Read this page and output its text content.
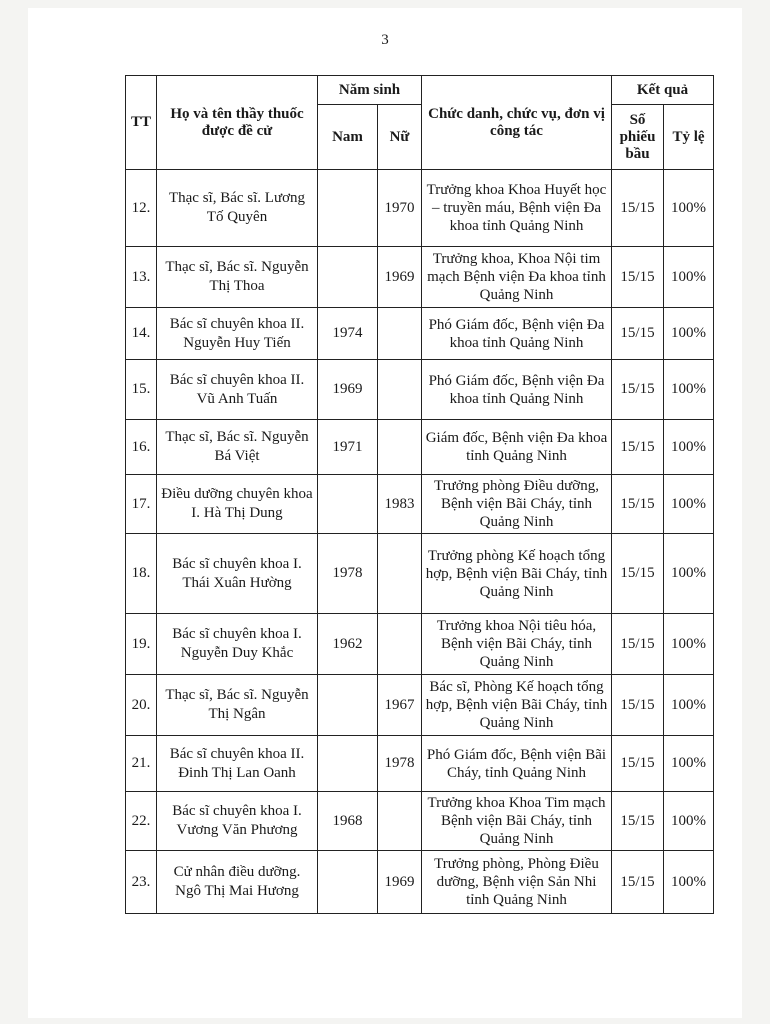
3
TT	Họ và tên thầy thuốc được đề cử	Năm sinh		Chức danh, chức vụ, đơn vị công tác	Kết quả	
		Nam	Nữ		Số phiếu bầu	Tỷ lệ
12.	Thạc sĩ, Bác sĩ. Lương Tố Quyên		1970	Trưởng khoa Khoa Huyết học – truyền máu, Bệnh viện Đa khoa tỉnh Quảng Ninh	15/15	100%
13.	Thạc sĩ, Bác sĩ. Nguyễn Thị Thoa		1969	Trưởng khoa, Khoa Nội tim mạch Bệnh viện Đa khoa tỉnh Quảng Ninh	15/15	100%
14.	Bác sĩ chuyên khoa II. Nguyễn Huy Tiến	1974		Phó Giám đốc, Bệnh viện Đa khoa tỉnh Quảng Ninh	15/15	100%
15.	Bác sĩ chuyên khoa II. Vũ Anh Tuấn	1969		Phó Giám đốc, Bệnh viện Đa khoa tỉnh Quảng Ninh	15/15	100%
16.	Thạc sĩ, Bác sĩ. Nguyễn Bá Việt	1971		Giám đốc, Bệnh viện Đa khoa tỉnh Quảng Ninh	15/15	100%
17.	Điều dưỡng chuyên khoa I. Hà Thị Dung		1983	Trưởng phòng Điều dưỡng, Bệnh viện Bãi Cháy, tỉnh Quảng Ninh	15/15	100%
18.	Bác sĩ chuyên khoa I. Thái Xuân Hường	1978		Trưởng phòng Kế hoạch tổng hợp, Bệnh viện Bãi Cháy, tỉnh Quảng Ninh	15/15	100%
19.	Bác sĩ chuyên khoa I. Nguyễn Duy Khắc	1962		Trưởng khoa Nội tiêu hóa, Bệnh viện Bãi Cháy, tỉnh Quảng Ninh	15/15	100%
20.	Thạc sĩ, Bác sĩ. Nguyễn Thị Ngân		1967	Bác sĩ, Phòng Kế hoạch tổng hợp, Bệnh viện Bãi Cháy, tỉnh Quảng Ninh	15/15	100%
21.	Bác sĩ chuyên khoa II. Đinh Thị Lan Oanh		1978	Phó Giám đốc, Bệnh viện Bãi Cháy, tỉnh Quảng Ninh	15/15	100%
22.	Bác sĩ chuyên khoa I. Vương Văn Phương	1968		Trưởng khoa Khoa Tim mạch Bệnh viện Bãi Cháy, tỉnh Quảng Ninh	15/15	100%
23.	Cử nhân điều dưỡng. Ngô Thị Mai Hương		1969	Trưởng phòng, Phòng Điều dưỡng, Bệnh viện Sản Nhi tỉnh Quảng Ninh	15/15	100%
